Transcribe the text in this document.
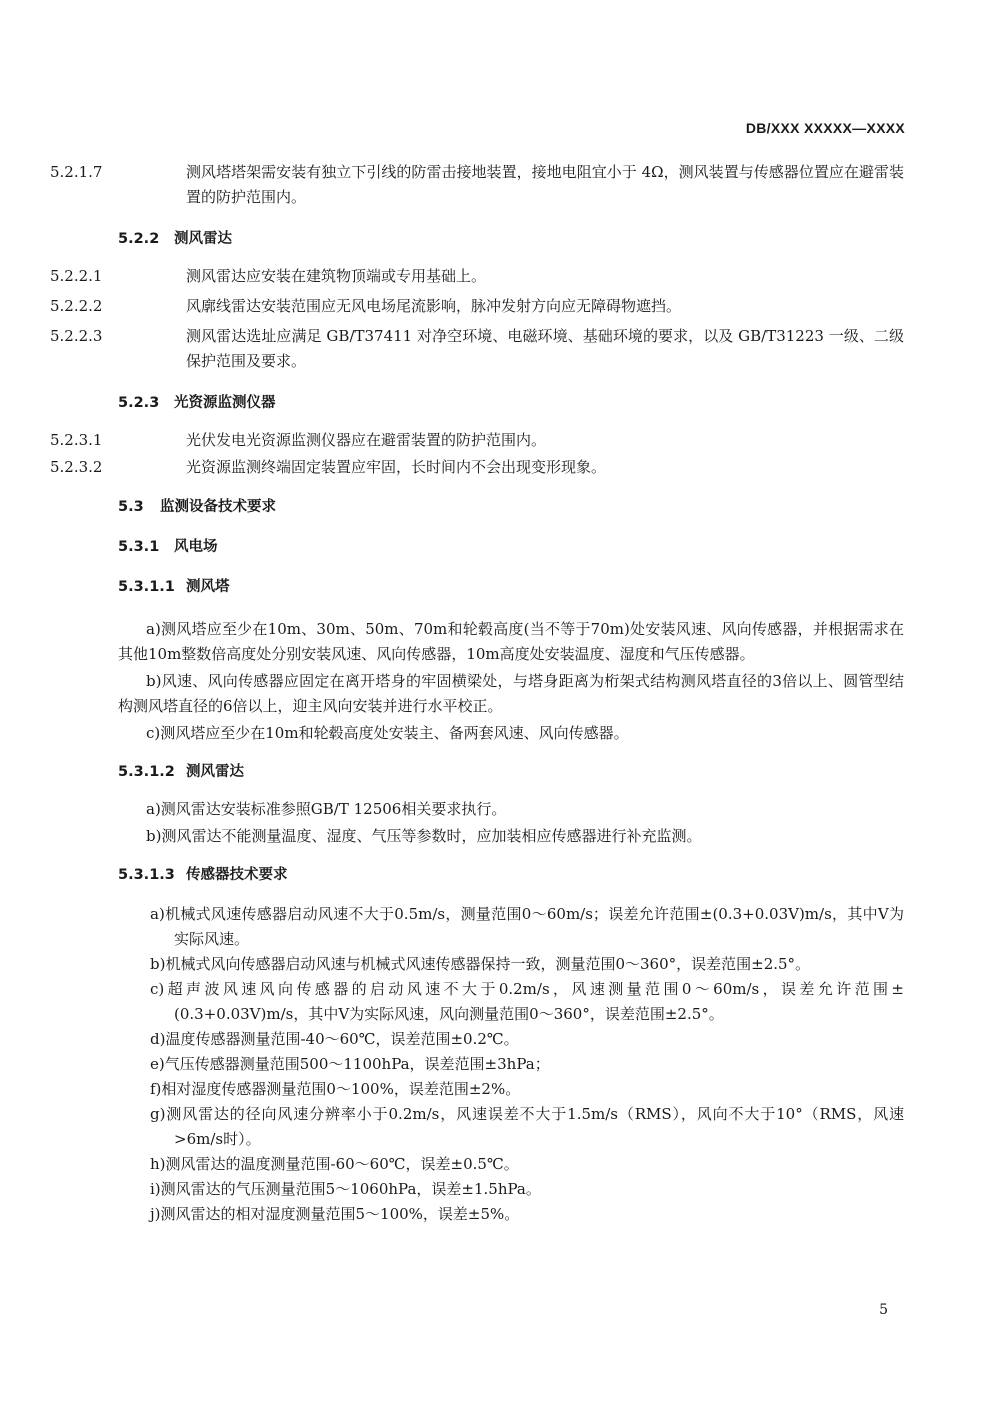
DB/XXX XXXXX—XXXX

5.2.1.7	测风塔塔架需安装有独立下引线的防雷击接地装置，接地电阻宜小于 4Ω，测风装置与传感器位置应在避雷装置的防护范围内。

5.2.2 测风雷达

5.2.2.1	测风雷达应安装在建筑物顶端或专用基础上。

5.2.2.2	风廓线雷达安装范围应无风电场尾流影响，脉冲发射方向应无障碍物遮挡。

5.2.2.3	测风雷达选址应满足 GB/T37411 对净空环境、电磁环境、基础环境的要求，以及 GB/T31223 一级、二级保护范围及要求。

5.2.3 光资源监测仪器

5.2.3.1	光伏发电光资源监测仪器应在避雷装置的防护范围内。

5.2.3.2	光资源监测终端固定装置应牢固，长时间内不会出现变形现象。

5.3 监测设备技术要求

5.3.1 风电场

5.3.1.1 测风塔

a)测风塔应至少在10m、30m、50m、70m和轮毂高度(当不等于70m)处安装风速、风向传感器，并根据需求在其他10m整数倍高度处分别安装风速、风向传感器，10m高度处安装温度、湿度和气压传感器。

b)风速、风向传感器应固定在离开塔身的牢固横梁处，与塔身距离为桁架式结构测风塔直径的3倍以上、圆管型结构测风塔直径的6倍以上，迎主风向安装并进行水平校正。

c)测风塔应至少在10m和轮毂高度处安装主、备两套风速、风向传感器。

5.3.1.2 测风雷达

a)测风雷达安装标准参照GB/T 12506相关要求执行。

b)测风雷达不能测量温度、湿度、气压等参数时，应加装相应传感器进行补充监测。

5.3.1.3 传感器技术要求

a)机械式风速传感器启动风速不大于0.5m/s，测量范围0～60m/s；误差允许范围±(0.3+0.03V)m/s，其中V为实际风速。

b)机械式风向传感器启动风速与机械式风速传感器保持一致，测量范围0～360°，误差范围±2.5°。

c)超声波风速风向传感器的启动风速不大于0.2m/s，风速测量范围0～60m/s，误差允许范围±(0.3+0.03V)m/s，其中V为实际风速，风向测量范围0～360°，误差范围±2.5°。

d)温度传感器测量范围-40～60℃，误差范围±0.2℃。

e)气压传感器测量范围500～1100hPa，误差范围±3hPa；

f)相对湿度传感器测量范围0～100%，误差范围±2%。

g)测风雷达的径向风速分辨率小于0.2m/s，风速误差不大于1.5m/s（RMS），风向不大于10°（RMS，风速>6m/s时）。

h)测风雷达的温度测量范围-60～60℃，误差±0.5℃。

i)测风雷达的气压测量范围5～1060hPa，误差±1.5hPa。

j)测风雷达的相对湿度测量范围5～100%，误差±5%。

5
